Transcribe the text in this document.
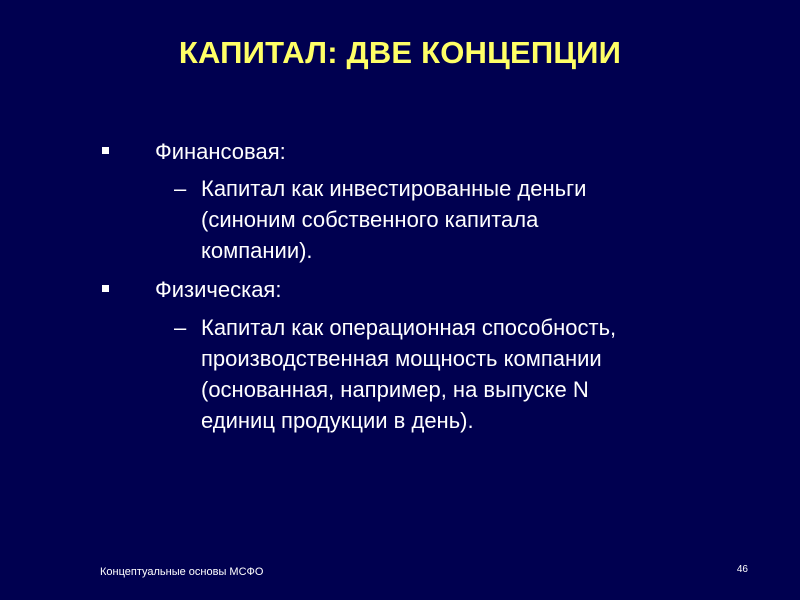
КАПИТАЛ: ДВЕ КОНЦЕПЦИИ
Финансовая:
– Капитал как инвестированные деньги
(синоним собственного капитала
компании).
Физическая:
– Капитал как операционная способность,
производственная мощность компании
(основанная, например, на выпуске N
единиц продукции в день).
Концептуальные основы МСФО	46
